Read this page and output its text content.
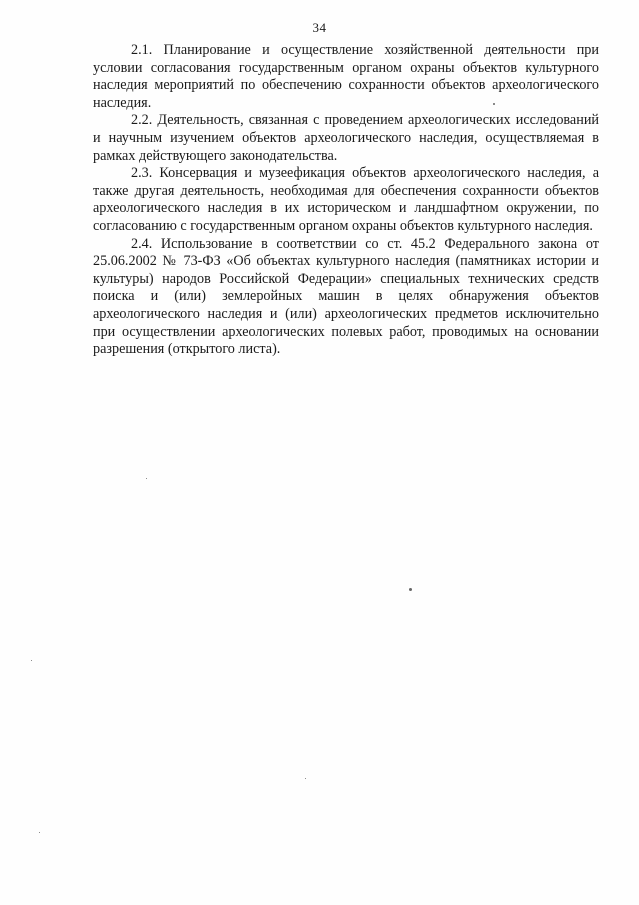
34

2.1. Планирование и осуществление хозяйственной деятельности при условии согласования государственным органом охраны объектов культурного наследия мероприятий по обеспечению сохранности объектов археологического наследия.

2.2. Деятельность, связанная с проведением археологических исследований и научным изучением объектов археологического наследия, осуществляемая в рамках действующего законодательства.

2.3. Консервация и музеефикация объектов археологического наследия, а также другая деятельность, необходимая для обеспечения сохранности объектов археологического наследия в их историческом и ландшафтном окружении, по согласованию с государственным органом охраны объектов культурного наследия.

2.4. Использование в соответствии со ст. 45.2 Федерального закона от 25.06.2002 № 73-ФЗ «Об объектах культурного наследия (памятниках истории и культуры) народов Российской Федерации» специальных технических средств поиска и (или) землеройных машин в целях обнаружения объектов археологического наследия и (или) археологических предметов исключительно при осуществлении археологических полевых работ, проводимых на основании разрешения (открытого листа).
